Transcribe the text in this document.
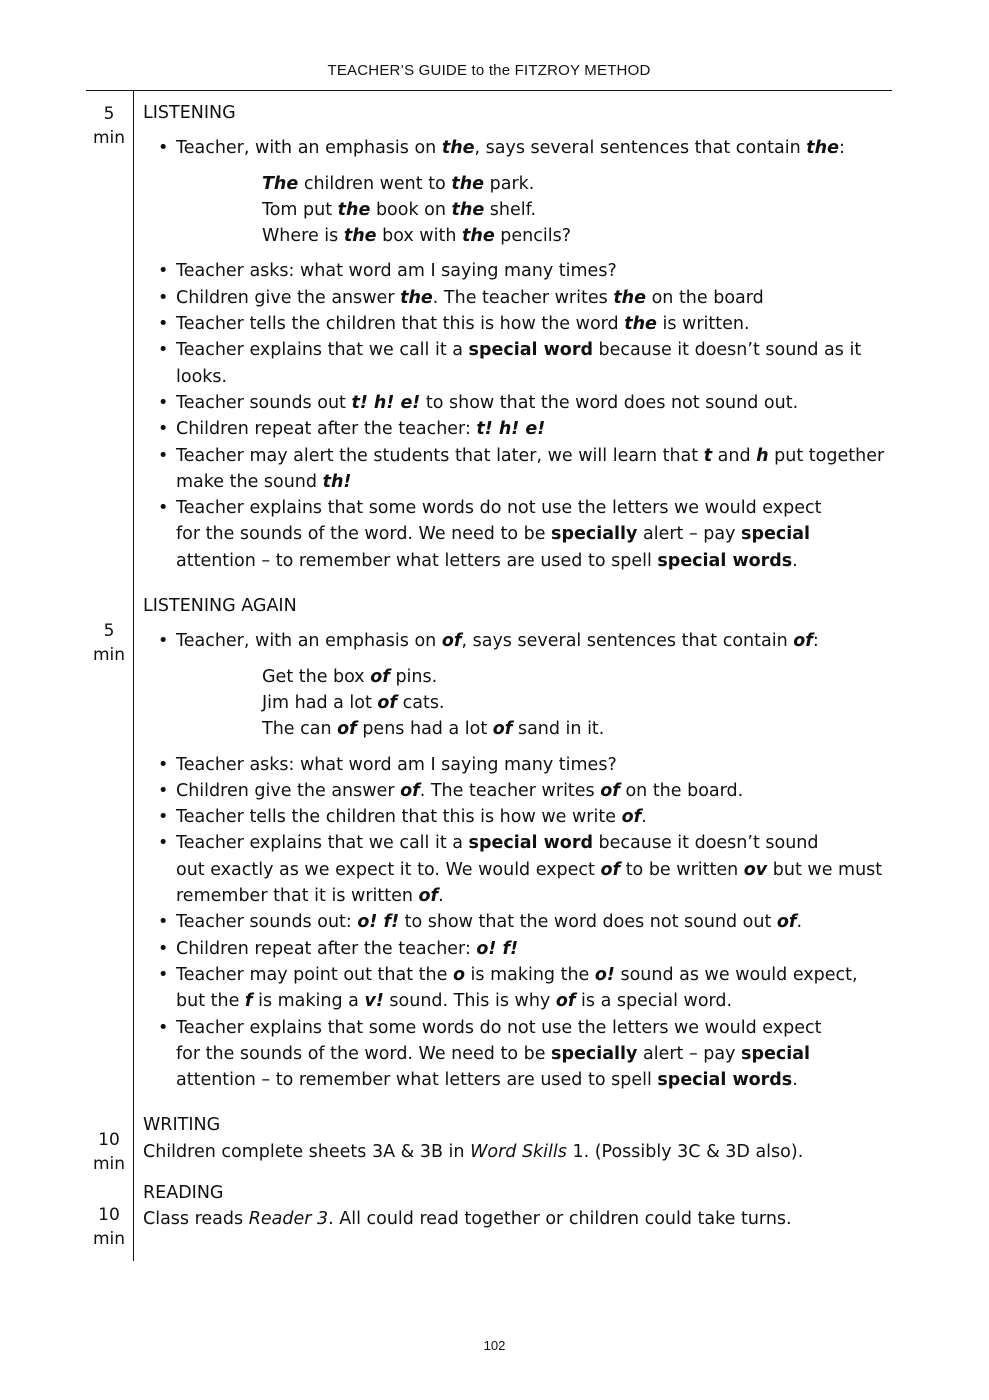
TEACHER’S GUIDE to the FITZROY METHOD
5
min
5
min
10
min
10
min
LISTENING
• Teacher, with an emphasis on the, says several sentences that contain the:
The children went to the park.
Tom put the book on the shelf.
Where is the box with the pencils?
• Teacher asks: what word am I saying many times?
• Children give the answer the. The teacher writes the on the board
• Teacher tells the children that this is how the word the is written.
• Teacher explains that we call it a special word because it doesn’t sound as it
looks.
• Teacher sounds out t! h! e! to show that the word does not sound out.
• Children repeat after the teacher: t! h! e!
• Teacher may alert the students that later, we will learn that t and h put together
make the sound th!
• Teacher explains that some words do not use the letters we would expect
for the sounds of the word. We need to be specially alert – pay special
attention – to remember what letters are used to spell special words.
LISTENING AGAIN
• Teacher, with an emphasis on of, says several sentences that contain of:
Get the box of pins.
Jim had a lot of cats.
The can of pens had a lot of sand in it.
• Teacher asks: what word am I saying many times?
• Children give the answer of. The teacher writes of on the board.
• Teacher tells the children that this is how we write of.
• Teacher explains that we call it a special word because it doesn’t sound
out exactly as we expect it to. We would expect of to be written ov but we must
remember that it is written of.
• Teacher sounds out: o! f! to show that the word does not sound out of.
• Children repeat after the teacher: o! f!
• Teacher may point out that the o is making the o! sound as we would expect,
but the f is making a v! sound. This is why of is a special word.
• Teacher explains that some words do not use the letters we would expect
for the sounds of the word. We need to be specially alert – pay special
attention – to remember what letters are used to spell special words.
WRITING
Children complete sheets 3A & 3B in Word Skills 1. (Possibly 3C & 3D also).
READING
Class reads Reader 3. All could read together or children could take turns.
102
